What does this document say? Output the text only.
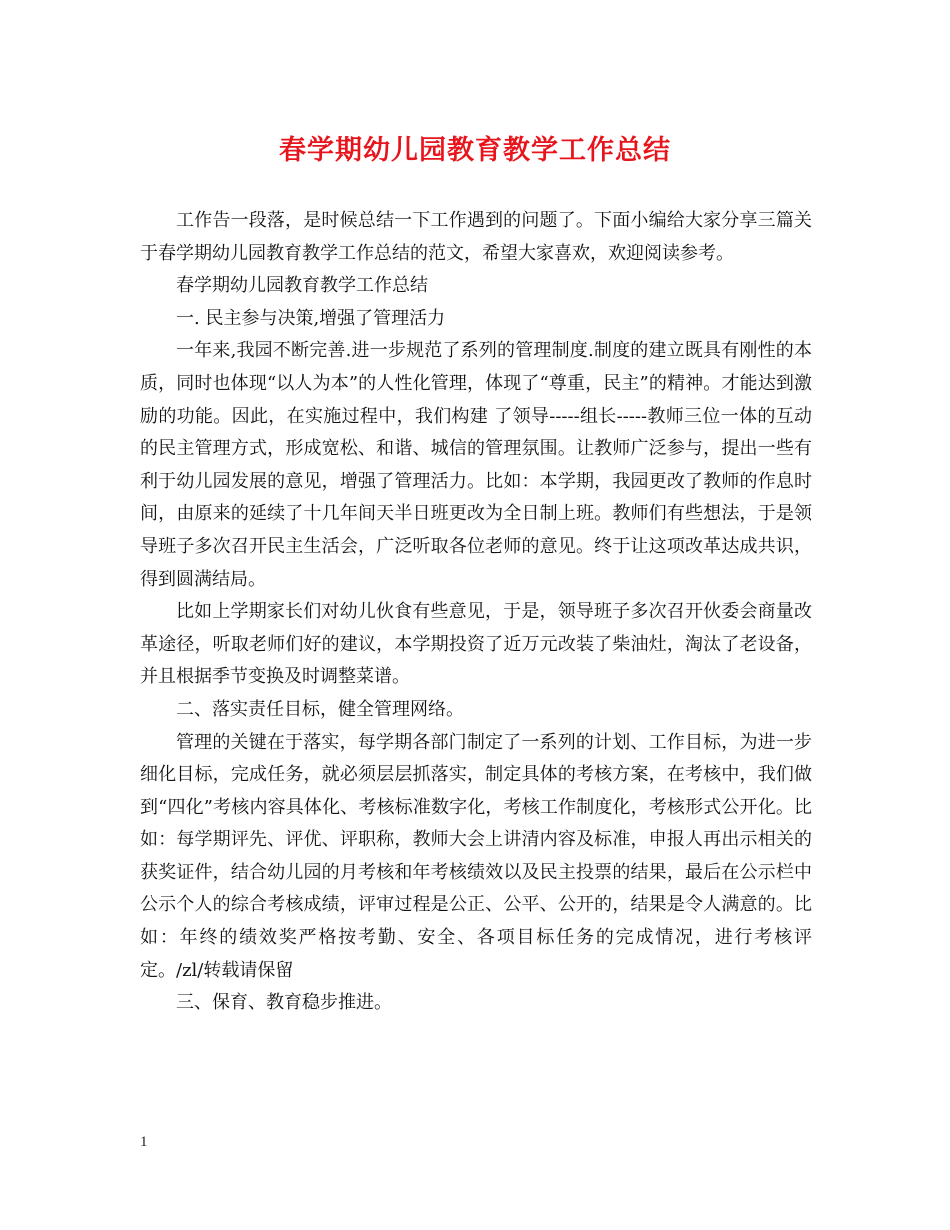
春学期幼儿园教育教学工作总结

工作告一段落，是时候总结一下工作遇到的问题了。下面小编给大家分享三篇关于春学期幼儿园教育教学工作总结的范文，希望大家喜欢，欢迎阅读参考。

春学期幼儿园教育教学工作总结

一. 民主参与决策,增强了管理活力

一年来,我园不断完善.进一步规范了系列的管理制度.制度的建立既具有刚性的本质，同时也体现“以人为本”的人性化管理，体现了“尊重，民主”的精神。才能达到激励的功能。因此，在实施过程中，我们构建 了领导-----组长-----教师三位一体的互动的民主管理方式，形成宽松、和谐、城信的管理氛围。让教师广泛参与，提出一些有利于幼儿园发展的意见，增强了管理活力。比如：本学期，我园更改了教师的作息时间，由原来的延续了十几年间天半日班更改为全日制上班。教师们有些想法，于是领导班子多次召开民主生活会，广泛听取各位老师的意见。终于让这项改革达成共识，得到圆满结局。

比如上学期家长们对幼儿伙食有些意见，于是，领导班子多次召开伙委会商量改革途径，听取老师们好的建议，本学期投资了近万元改装了柴油灶，淘汰了老设备，并且根据季节变换及时调整菜谱。

二、落实责任目标，健全管理网络。

管理的关键在于落实，每学期各部门制定了一系列的计划、工作目标，为进一步细化目标，完成任务，就必须层层抓落实，制定具体的考核方案，在考核中，我们做到“四化”考核内容具体化、考核标准数字化，考核工作制度化，考核形式公开化。比如：每学期评先、评优、评职称，教师大会上讲清内容及标准，申报人再出示相关的获奖证件，结合幼儿园的月考核和年考核绩效以及民主投票的结果，最后在公示栏中公示个人的综合考核成绩，评审过程是公正、公平、公开的，结果是令人满意的。比如：年终的绩效奖严格按考勤、安全、各项目标任务的完成情况，进行考核评定。/zl/转载请保留

三、保育、教育稳步推进。

1
